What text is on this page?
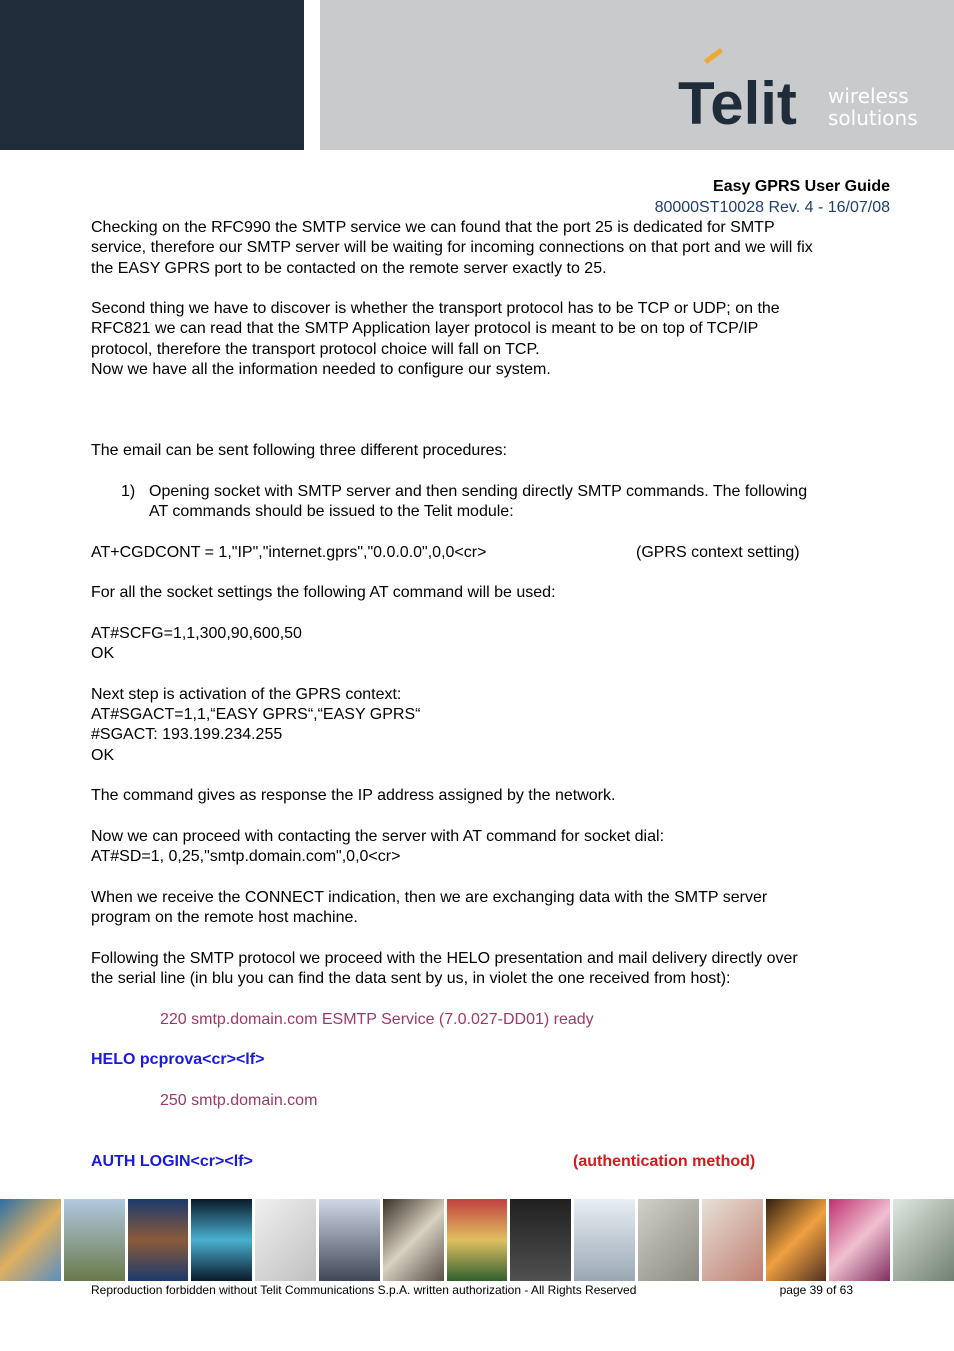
Telit wireless
solutions
Easy GPRS User Guide
80000ST10028 Rev. 4 - 16/07/08

Checking on the RFC990 the SMTP service we can found that the port 25 is dedicated for SMTP

service, therefore our SMTP server will be waiting for incoming connections on that port and we will fix

the EASY GPRS port to be contacted on the remote server exactly to 25.

Second thing we have to discover is whether the transport protocol has to be TCP or UDP; on the

RFC821 we can read that the SMTP Application layer protocol is meant to be on top of TCP/IP

protocol, therefore the transport protocol choice will fall on TCP.

Now we have all the information needed to configure our system.

The email can be sent following three different procedures:

1) Opening socket with SMTP server and then sending directly SMTP commands. The following

AT commands should be issued to the Telit module:

AT+CGDCONT = 1,"IP","internet.gprs","0.0.0.0",0,0<cr>	(GPRS context setting)

For all the socket settings the following AT command will be used:

AT#SCFG=1,1,300,90,600,50

OK

Next step is activation of the GPRS context:

AT#SGACT=1,1,“EASY GPRS“,“EASY GPRS“

#SGACT: 193.199.234.255

OK

The command gives as response the IP address assigned by the network.

Now we can proceed with contacting the server with AT command for socket dial:

AT#SD=1, 0,25,"smtp.domain.com",0,0<cr>

When we receive the CONNECT indication, then we are exchanging data with the SMTP server

program on the remote host machine.

Following the SMTP protocol we proceed with the HELO presentation and mail delivery directly over

the serial line (in blu you can find the data sent by us, in violet the one received from host):

220 smtp.domain.com ESMTP Service (7.0.027-DD01) ready

HELO pcprova<cr><lf>

250 smtp.domain.com

AUTH LOGIN<cr><lf>	(authentication method)
Reproduction forbidden without Telit Communications S.p.A. written authorization - All Rights Reserved	page 39 of 63
